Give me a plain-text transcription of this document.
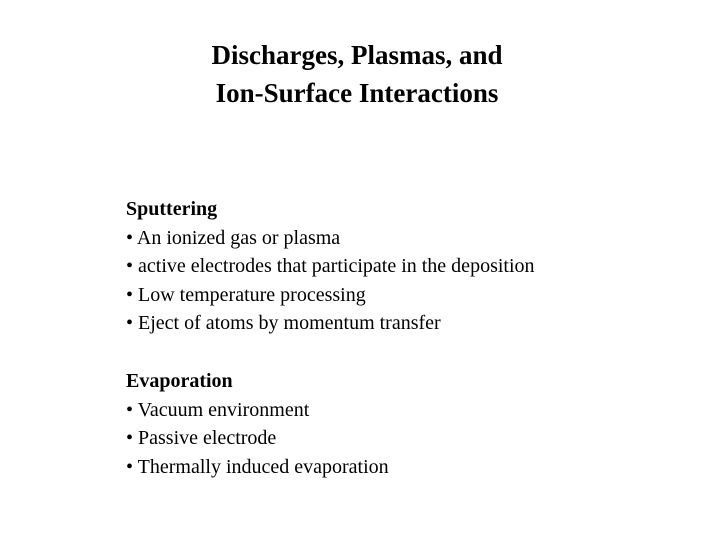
Discharges, Plasmas, and
Ion-Surface Interactions
Sputtering
• An ionized gas or plasma
• active electrodes that participate in the deposition
• Low temperature processing
• Eject of atoms by momentum transfer
Evaporation
• Vacuum environment
• Passive electrode
• Thermally induced evaporation
